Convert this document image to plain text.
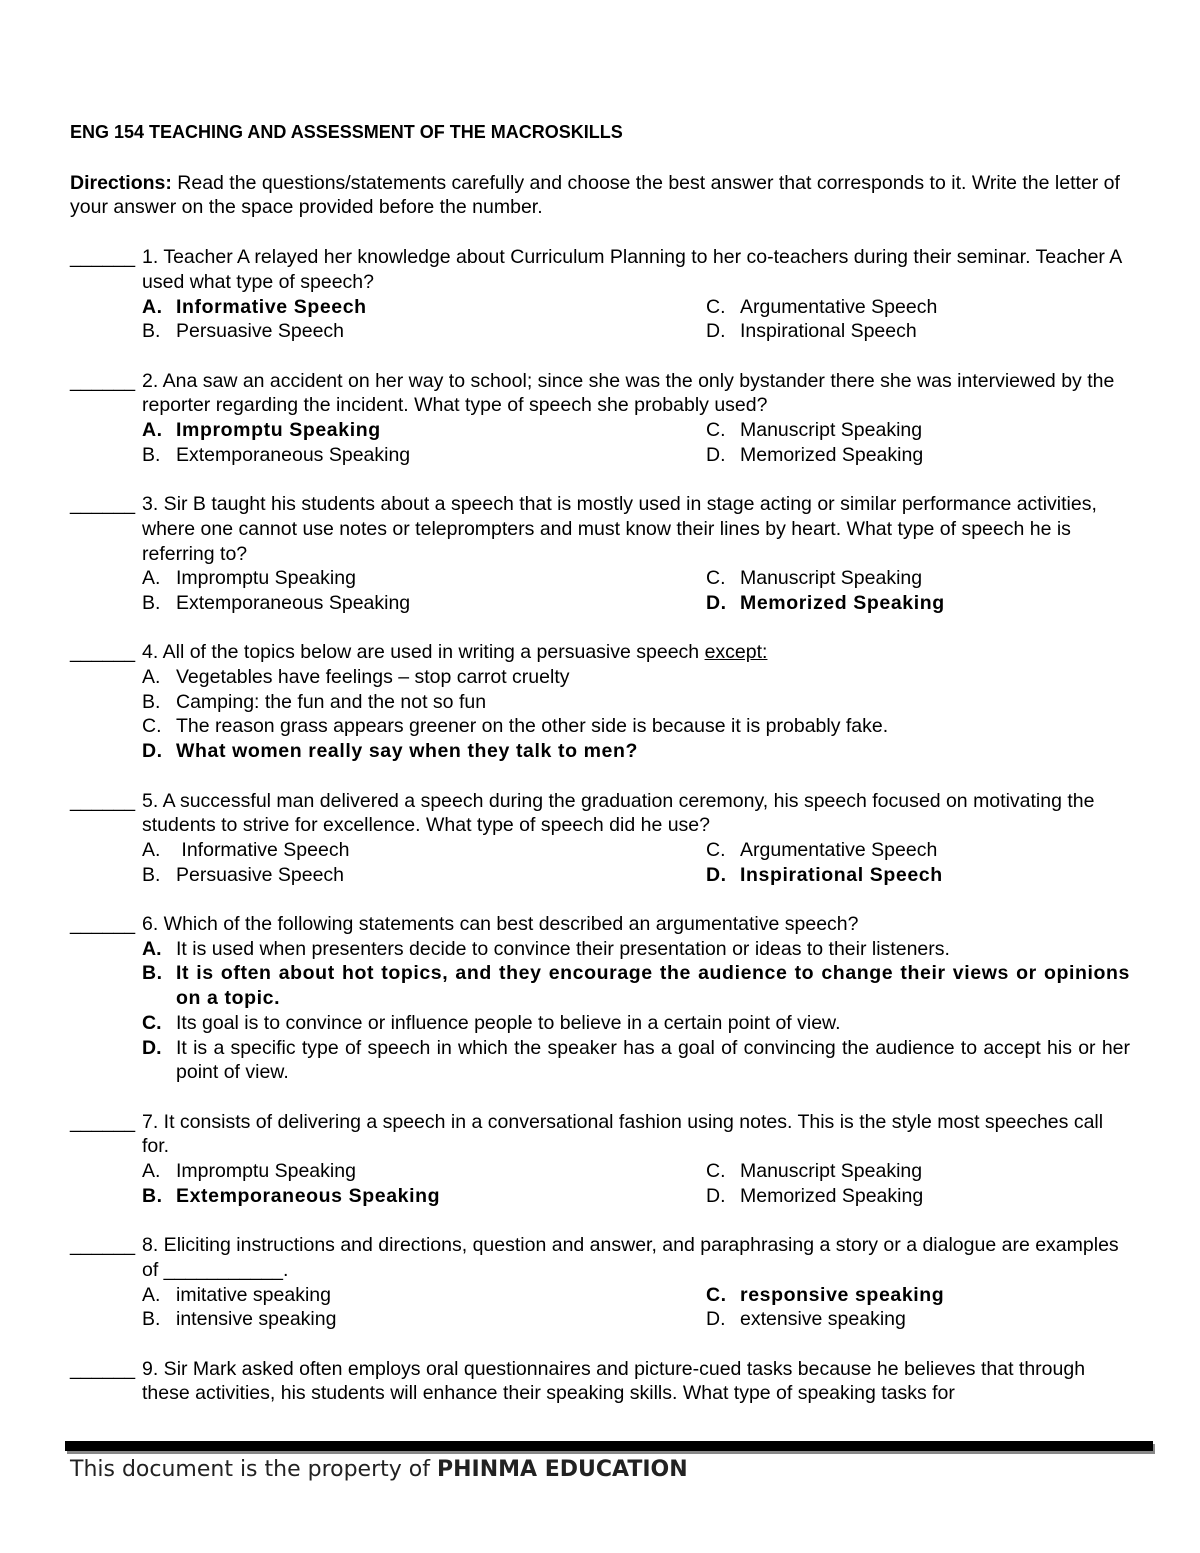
ENG 154 TEACHING AND ASSESSMENT OF THE MACROSKILLS
Directions: Read the questions/statements carefully and choose the best answer that corresponds to it. Write the letter of your answer on the space provided before the number.
______ 1. Teacher A relayed her knowledge about Curriculum Planning to her co-teachers during their seminar. Teacher A used what type of speech?
A. Informative Speech	C. Argumentative Speech
B. Persuasive Speech	D. Inspirational Speech
______ 2. Ana saw an accident on her way to school; since she was the only bystander there she was interviewed by the reporter regarding the incident. What type of speech she probably used?
A. Impromptu Speaking	C. Manuscript Speaking
B. Extemporaneous Speaking	D. Memorized Speaking
______ 3. Sir B taught his students about a speech that is mostly used in stage acting or similar performance activities, where one cannot use notes or teleprompters and must know their lines by heart. What type of speech he is referring to?
A. Impromptu Speaking	C. Manuscript Speaking
B. Extemporaneous Speaking	D. Memorized Speaking
______ 4. All of the topics below are used in writing a persuasive speech except:
A. Vegetables have feelings – stop carrot cruelty
B. Camping: the fun and the not so fun
C. The reason grass appears greener on the other side is because it is probably fake.
D. What women really say when they talk to men?
______ 5. A successful man delivered a speech during the graduation ceremony, his speech focused on motivating the students to strive for excellence. What type of speech did he use?
A. Informative Speech	C. Argumentative Speech
B. Persuasive Speech	D. Inspirational Speech
______ 6. Which of the following statements can best described an argumentative speech?
A. It is used when presenters decide to convince their presentation or ideas to their listeners.
B. It is often about hot topics, and they encourage the audience to change their views or opinions on a topic.
C. Its goal is to convince or influence people to believe in a certain point of view.
D. It is a specific type of speech in which the speaker has a goal of convincing the audience to accept his or her point of view.
______ 7. It consists of delivering a speech in a conversational fashion using notes. This is the style most speeches call for.
A. Impromptu Speaking	C. Manuscript Speaking
B. Extemporaneous Speaking	D. Memorized Speaking
______ 8. Eliciting instructions and directions, question and answer, and paraphrasing a story or a dialogue are examples of ___________.
A. imitative speaking	C. responsive speaking
B. intensive speaking	D. extensive speaking
______ 9. Sir Mark asked often employs oral questionnaires and picture-cued tasks because he believes that through these activities, his students will enhance their speaking skills. What type of speaking tasks for
This document is the property of PHINMA EDUCATION
